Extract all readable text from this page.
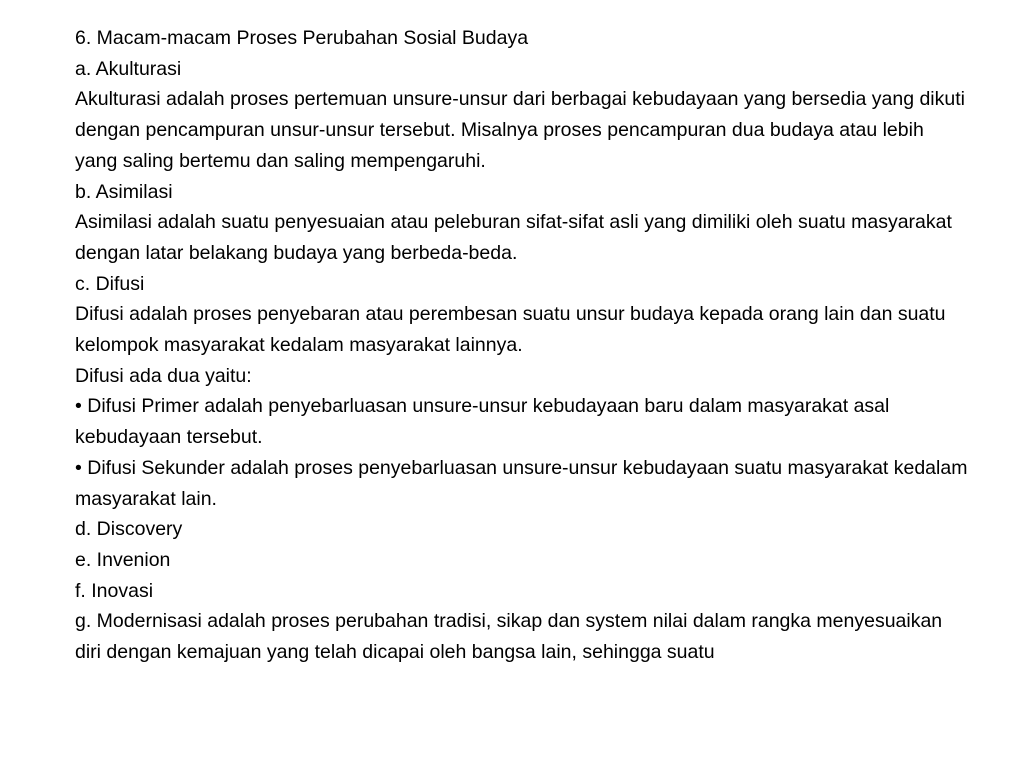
6. Macam-macam Proses Perubahan Sosial Budaya

a. Akulturasi

Akulturasi adalah proses pertemuan unsure-unsur dari berbagai kebudayaan yang bersedia yang dikuti dengan pencampuran unsur-unsur tersebut. Misalnya proses pencampuran dua budaya atau lebih yang saling bertemu dan saling mempengaruhi.

b. Asimilasi

Asimilasi adalah suatu penyesuaian atau peleburan sifat-sifat asli yang dimiliki oleh suatu masyarakat dengan latar belakang budaya yang berbeda-beda.

c. Difusi

Difusi adalah proses penyebaran atau perembesan suatu unsur budaya kepada orang lain dan suatu kelompok masyarakat kedalam masyarakat lainnya.

Difusi ada dua yaitu:

• Difusi Primer adalah penyebarluasan unsure-unsur kebudayaan baru dalam masyarakat asal kebudayaan tersebut.

• Difusi Sekunder adalah proses penyebarluasan unsure-unsur kebudayaan suatu masyarakat kedalam masyarakat lain.

d. Discovery

e. Invenion

f. Inovasi

g. Modernisasi adalah proses perubahan tradisi, sikap dan system nilai dalam rangka menyesuaikan diri dengan kemajuan yang telah dicapai oleh bangsa lain, sehingga suatu
